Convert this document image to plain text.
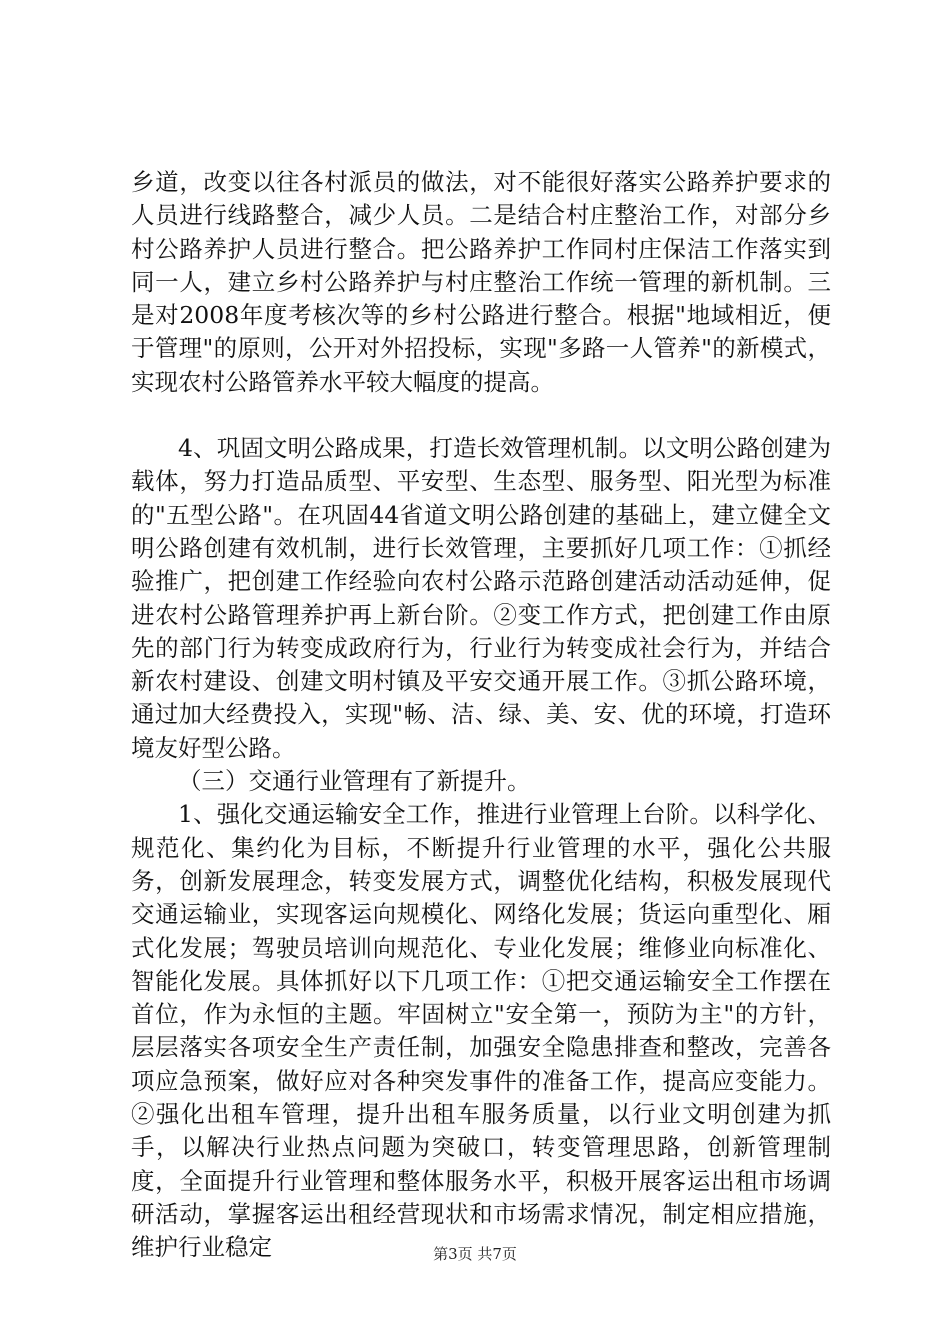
乡道，改变以往各村派员的做法，对不能很好落实公路养护要求的人员进行线路整合，减少人员。二是结合村庄整治工作，对部分乡村公路养护人员进行整合。把公路养护工作同村庄保洁工作落实到同一人，建立乡村公路养护与村庄整治工作统一管理的新机制。三是对2008年度考核次等的乡村公路进行整合。根据"地域相近，便于管理"的原则，公开对外招投标，实现"多路一人管养"的新模式，实现农村公路管养水平较大幅度的提高。

4、巩固文明公路成果，打造长效管理机制。以文明公路创建为载体，努力打造品质型、平安型、生态型、服务型、阳光型为标准的"五型公路"。在巩固44省道文明公路创建的基础上，建立健全文明公路创建有效机制，进行长效管理，主要抓好几项工作：①抓经验推广，把创建工作经验向农村公路示范路创建活动活动延伸，促进农村公路管理养护再上新台阶。②变工作方式，把创建工作由原先的部门行为转变成政府行为，行业行为转变成社会行为，并结合新农村建设、创建文明村镇及平安交通开展工作。③抓公路环境，通过加大经费投入，实现"畅、洁、绿、美、安、优的环境，打造环境友好型公路。

（三）交通行业管理有了新提升。

1、强化交通运输安全工作，推进行业管理上台阶。以科学化、规范化、集约化为目标，不断提升行业管理的水平，强化公共服务，创新发展理念，转变发展方式，调整优化结构，积极发展现代交通运输业，实现客运向规模化、网络化发展；货运向重型化、厢式化发展；驾驶员培训向规范化、专业化发展；维修业向标准化、智能化发展。具体抓好以下几项工作：①把交通运输安全工作摆在首位，作为永恒的主题。牢固树立"安全第一，预防为主"的方针，层层落实各项安全生产责任制，加强安全隐患排查和整改，完善各项应急预案，做好应对各种突发事件的准备工作，提高应变能力。②强化出租车管理，提升出租车服务质量，以行业文明创建为抓手，以解决行业热点问题为突破口，转变管理思路，创新管理制度，全面提升行业管理和整体服务水平，积极开展客运出租市场调研活动，掌握客运出租经营现状和市场需求情况，制定相应措施，维护行业稳定	第3页 共7页
